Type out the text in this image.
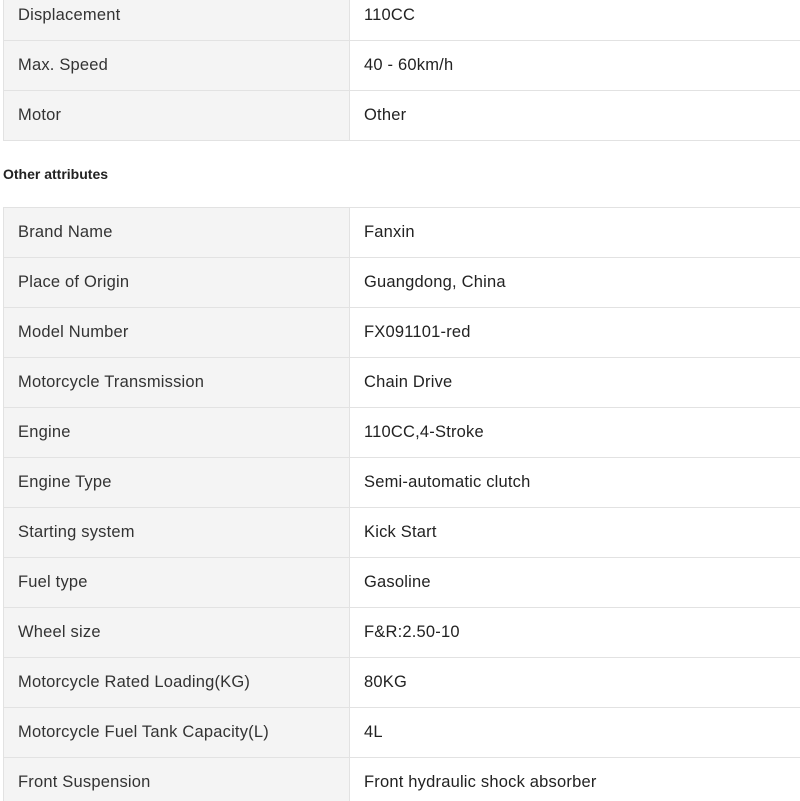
Displacement	110CC
Max. Speed	40 - 60km/h
Motor	Other
Other attributes
Brand Name	Fanxin
Place of Origin	Guangdong, China
Model Number	FX091101-red
Motorcycle Transmission	Chain Drive
Engine	110CC,4-Stroke
Engine Type	Semi-automatic clutch
Starting system	Kick Start
Fuel type	Gasoline
Wheel size	F&R:2.50-10
Motorcycle Rated Loading(KG)	80KG
Motorcycle Fuel Tank Capacity(L)	4L
Front Suspension	Front hydraulic shock absorber
